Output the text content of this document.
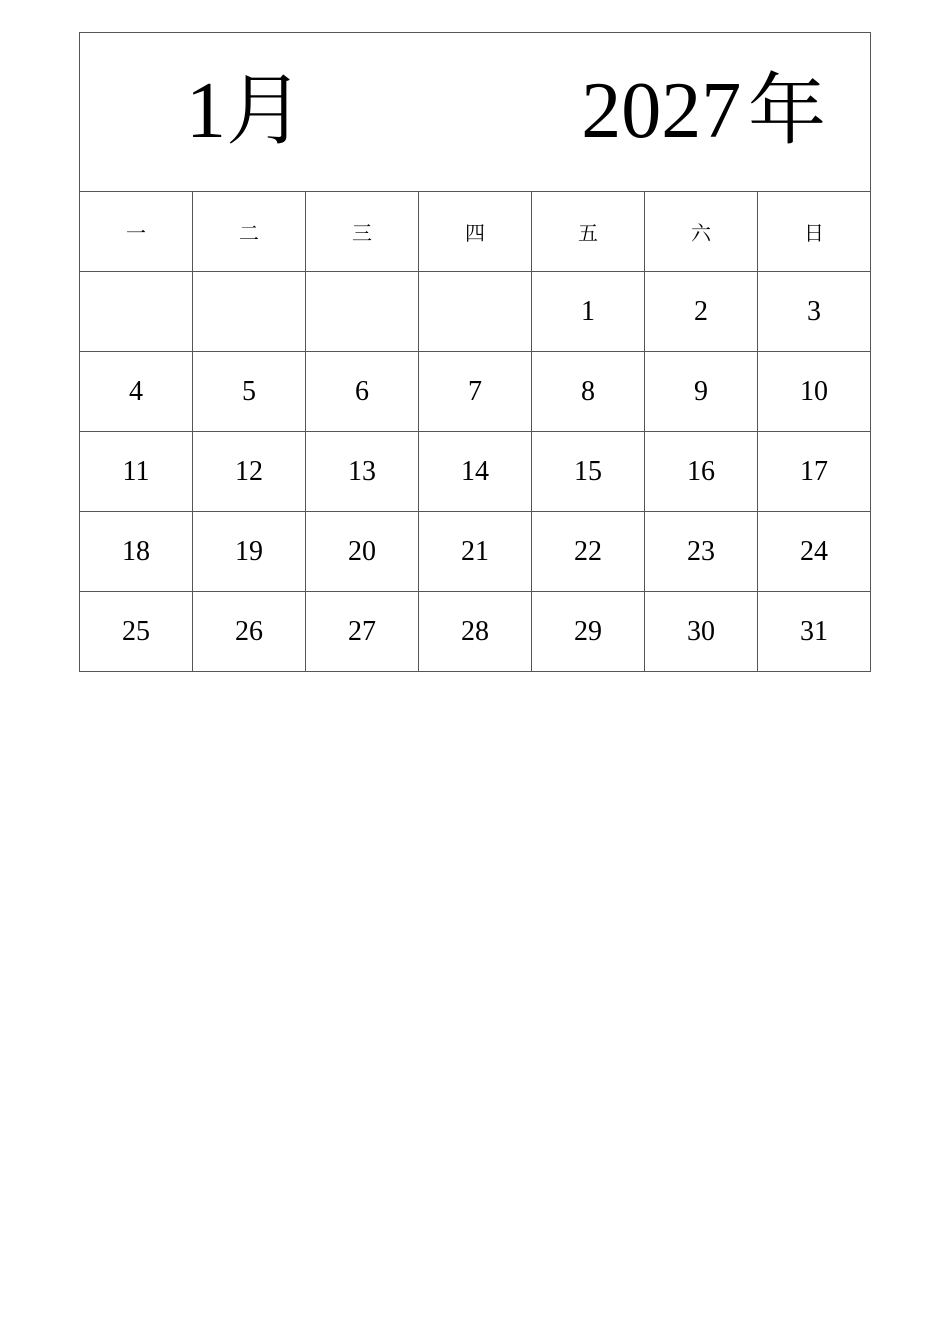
1月 2027 年						

一	二	三	四	五	六	日
				1	2	3
4	5	6	7	8	9	10
11	12	13	14	15	16	17
18	19	20	21	22	23	24
25	26	27	28	29	30	31
